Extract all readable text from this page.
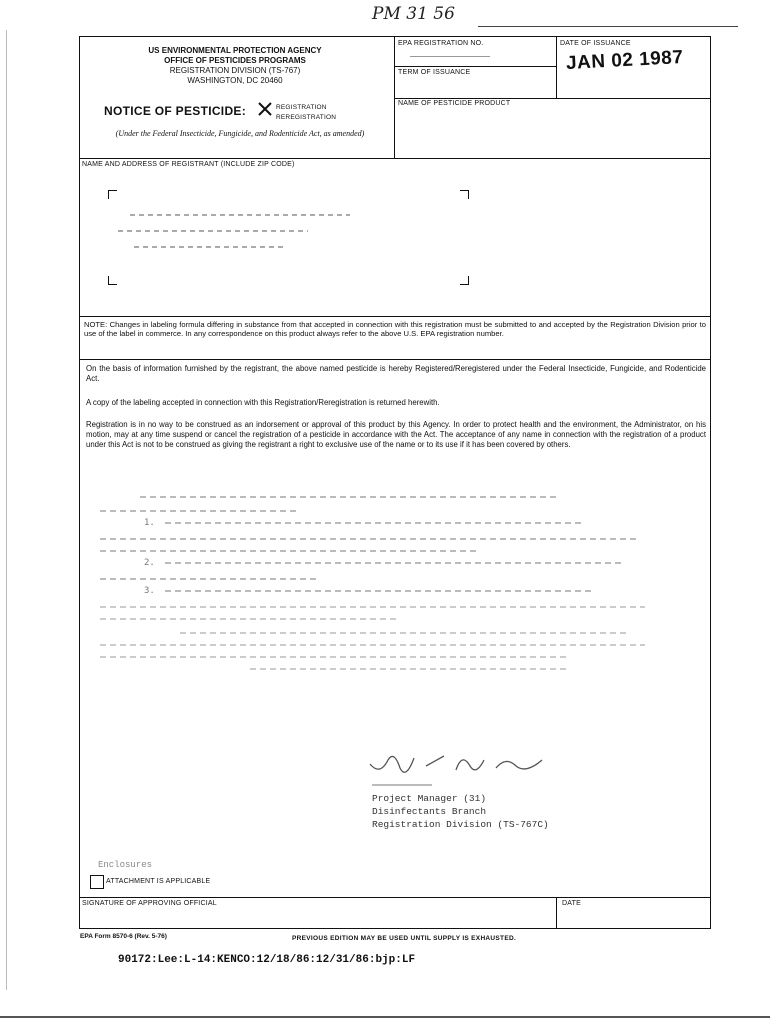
PM 31 56
US ENVIRONMENTAL PROTECTION AGENCY
OFFICE OF PESTICIDES PROGRAMS
REGISTRATION DIVISION (TS-767)
WASHINGTON, DC 20460
NOTICE OF PESTICIDE:	REGISTRATION
REREGISTRATION
(Under the Federal Insecticide, Fungicide, and Rodenticide Act, as amended)
EPA REGISTRATION NO.
TERM OF ISSUANCE
DATE OF ISSUANCE
JAN 02 1987
NAME OF PESTICIDE PRODUCT
NAME AND ADDRESS OF REGISTRANT (INCLUDE ZIP CODE)
NOTE: Changes in labeling formula differing in substance from that accepted in connection with this registration must be submitted to and accepted by the Registration Division prior to use of the label in commerce. In any correspondence on this product always refer to the above U.S. EPA registration number.
On the basis of information furnished by the registrant, the above named pesticide is hereby Registered/Reregistered under the Federal Insecticide, Fungicide, and Rodenticide Act.
A copy of the labeling accepted in connection with this Registration/Reregistration is returned herewith.
Registration is in no way to be construed as an indorsement or approval of this product by this Agency. In order to protect health and the environment, the Administrator, on his motion, may at any time suspend or cancel the registration of a pesticide in accordance with the Act. The acceptance of any name in connection with the registration of a product under this Act is not to be construed as giving the registrant a right to exclusive use of the name or to its use if it has been covered by others.
1.
2.
3.
Project Manager (31)
Disinfectants Branch
Registration Division (TS-767C)
Enclosures
ATTACHMENT IS APPLICABLE
SIGNATURE OF APPROVING OFFICIAL	DATE
EPA Form 8570-6 (Rev. 5-76)	PREVIOUS EDITION MAY BE USED UNTIL SUPPLY IS EXHAUSTED.
90172:Lee:L-14:KENCO:12/18/86:12/31/86:bjp:LF
